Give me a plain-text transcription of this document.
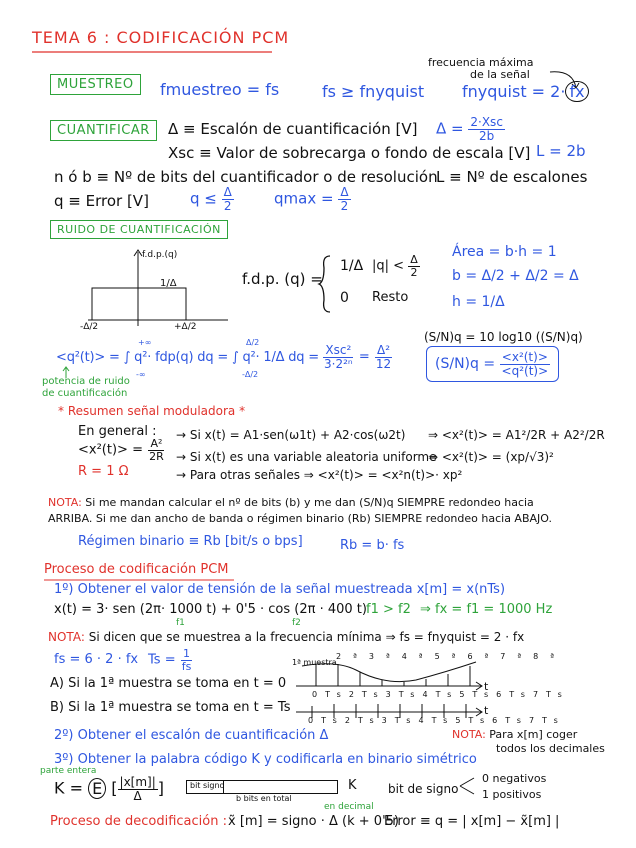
TEMA 6 : CODIFICACIÓN PCM
frecuencia máxima
de la señal
MUESTREO	fmuestreo = fs	fs ≥ fnyquist fnyquist = 2· fx
CUANTIFICAR	Δ ≡ Escalón de cuantificación [V] $\Delta = \frac{\text{2·Xsc}}{2b}$
Xsc ≡ Valor de sobrecarga o fondo de escala [V] L = 2b
n ó b ≡ Nº de bits del cuantificador o de resolución
L ≡ Nº de escalones
q ≡ Error [V]	$q \le \frac{\Delta}{2}$	$qmax = \frac{\Delta}{2}$
RUIDO DE CUANTIFICACIÓN
f.d.p.(q)
1/Δ
-Δ/2	+Δ/2
f.d.p. (q) =
1/Δ $|q| < \frac{\Delta}{2}$
0 Resto
Área = b·h = 1
b = Δ/2 + Δ/2 = Δ
h = 1/Δ
(S/N)q = 10 log10 ((S/N)q)
$(S/N)q = \frac{\text{<x²(t)>}}{\text{<q²(t)>}}$
<q²(t)> = ∫ q²· fdp(q) dq = ∫ q²· 1/Δ dq =
+∞
-∞
Δ/2
-Δ/2
$\frac{\text{Xsc²}}{\text{3·2²ⁿ}} = \frac{\text{Δ²}}{12}$
potencia de ruido
de cuantificación
* Resumen señal moduladora *
En general :
$<x^2(t)> = \frac{\text{A²}}{2R}$
R = 1 Ω
→ Si x(t) = A1·sen(ω1t) + A2·cos(ω2t) ⇒ <x²(t)> = A1²/2R + A2²/2R
→ Si x(t) es una variable aleatoria uniforme
⇒ <x²(t)> = (xp/√3)²
→ Para otras señales ⇒ <x²(t)> = <x²n(t)>· xp²
NOTA: Si me mandan calcular el nº de bits (b) y me dan (S/N)q SIEMPRE redondeo hacia
ARRIBA. Si me dan ancho de banda o régimen binario (Rb) SIEMPRE redondeo hacia ABAJO.
Régimen binario ≡ Rb [bit/s o bps]	Rb = b· fs
Proceso de codificación PCM
1º) Obtener el valor de tensión de la señal muestreada x[m] = x(nTs)
x(t) = 3· sen (2π· 1000 t) + 0'5 · cos (2π · 400 t)
f1	f2
f1 > f2 ⇒ fx = f1 = 1000 Hz
NOTA: Si dicen que se muestrea a la frecuencia mínima ⇒ fs = fnyquist = 2 · fx
fs = 6 · 2 · fx $Ts = \frac{1}{fs}$
A) Si la 1ª muestra se toma en t = 0
B) Si la 1ª muestra se toma en t = Ts
1ª muestra
0Ts2Ts3Ts4Ts5Ts6Ts7Ts
2ª3ª4ª5ª6ª7ª8ª
t
0Ts2Ts3Ts4Ts5Ts6Ts7Ts
t
2º) Obtener el escalón de cuantificación Δ	NOTA: Para x[m] coger
todos los decimales
3º) Obtener la palabra código K y codificarla en binario simétrico
parte entera
K = E [ $\frac{|x[m]|}{\Delta}$ ]	bit signo
b bits en total
K	bit de signo
0 negativos
1 positivos
Proceso de decodificación : x̃ [m] = signo · Δ (k + 0'5)
en decimal
Error ≡ q = | x[m] − x̃[m] |
